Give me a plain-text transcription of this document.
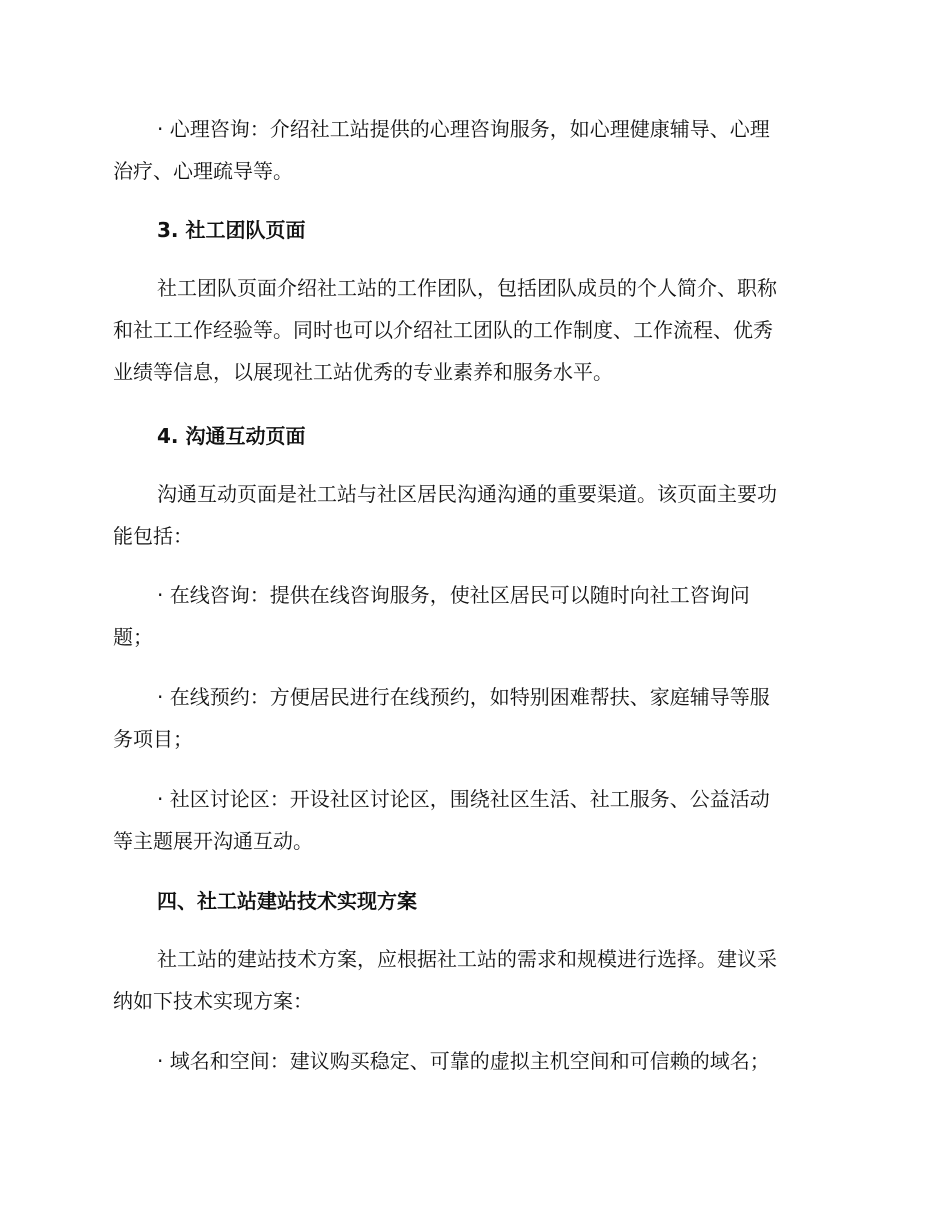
· 心理咨询：介绍社工站提供的心理咨询服务，如心理健康辅导、心理
治疗、心理疏导等。
3. 社工团队页面
社工团队页面介绍社工站的工作团队，包括团队成员的个人简介、职称
和社工工作经验等。同时也可以介绍社工团队的工作制度、工作流程、优秀
业绩等信息，以展现社工站优秀的专业素养和服务水平。
4. 沟通互动页面
沟通互动页面是社工站与社区居民沟通沟通的重要渠道。该页面主要功
能包括：
· 在线咨询：提供在线咨询服务，使社区居民可以随时向社工咨询问
题；
· 在线预约：方便居民进行在线预约，如特别困难帮扶、家庭辅导等服
务项目；
· 社区讨论区：开设社区讨论区，围绕社区生活、社工服务、公益活动
等主题展开沟通互动。
四、社工站建站技术实现方案
社工站的建站技术方案，应根据社工站的需求和规模进行选择。建议采
纳如下技术实现方案：
· 域名和空间：建议购买稳定、可靠的虚拟主机空间和可信赖的域名；
